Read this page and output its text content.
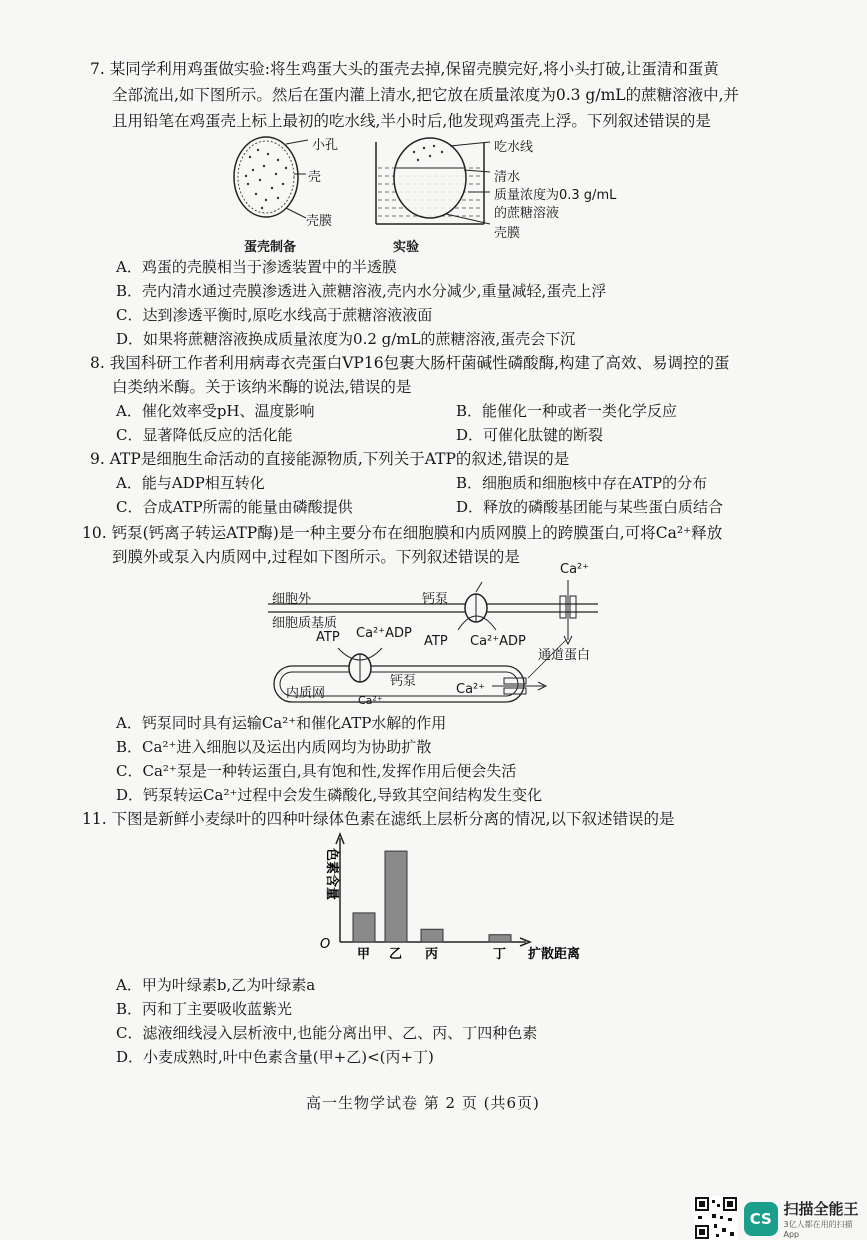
7. 某同学利用鸡蛋做实验:将生鸡蛋大头的蛋壳去掉,保留壳膜完好,将小头打破,让蛋清和蛋黄
全部流出,如下图所示。然后在蛋内灌上清水,把它放在质量浓度为0.3 g/mL的蔗糖溶液中,并
且用铅笔在鸡蛋壳上标上最初的吃水线,半小时后,他发现鸡蛋壳上浮。下列叙述错误的是
小孔
壳
壳膜
蛋壳制备	实验
吃水线
清水
质量浓度为0.3 g/mL
的蔗糖溶液
壳膜
A．鸡蛋的壳膜相当于渗透装置中的半透膜
B．壳内清水通过壳膜渗透进入蔗糖溶液,壳内水分减少,重量减轻,蛋壳上浮
C．达到渗透平衡时,原吃水线高于蔗糖溶液液面
D．如果将蔗糖溶液换成质量浓度为0.2 g/mL的蔗糖溶液,蛋壳会下沉
8. 我国科研工作者利用病毒衣壳蛋白VP16包裹大肠杆菌碱性磷酸酶,构建了高效、易调控的蛋
白类纳米酶。关于该纳米酶的说法,错误的是
A．催化效率受pH、温度影响	B．能催化一种或者一类化学反应
C．显著降低反应的活化能	D．可催化肽键的断裂
9. ATP是细胞生命活动的直接能源物质,下列关于ATP的叙述,错误的是
A．能与ADP相互转化	B．细胞质和细胞核中存在ATP的分布
C．合成ATP所需的能量由磷酸提供	D．释放的磷酸基团能与某些蛋白质结合
10. 钙泵(钙离子转运ATP酶)是一种主要分布在细胞膜和内质网膜上的跨膜蛋白,可将Ca²⁺释放
到膜外或泵入内质网中,过程如下图所示。下列叙述错误的是
细胞外
细胞质基质
钙泵
钙泵
内质网
通道蛋白
ATP Ca²⁺ADP
ATP Ca²⁺ADP
Ca²⁺
Ca²⁺
Ca²⁺
A．钙泵同时具有运输Ca²⁺和催化ATP水解的作用
B．Ca²⁺进入细胞以及运出内质网均为协助扩散
C．Ca²⁺泵是一种转运蛋白,具有饱和性,发挥作用后便会失活
D．钙泵转运Ca²⁺过程中会发生磷酸化,导致其空间结构发生变化
11. 下图是新鲜小麦绿叶的四种叶绿体色素在滤纸上层析分离的情况,以下叙述错误的是
O
色素含量
扩散距离
甲 乙 丙	丁
A．甲为叶绿素b,乙为叶绿素a
B．丙和丁主要吸收蓝紫光
C．滤液细线浸入层析液中,也能分离出甲、乙、丙、丁四种色素
D．小麦成熟时,叶中色素含量(甲+乙)<(丙+丁)
高一生物学试卷 第 2 页 (共6页)
CS
扫描全能王
3亿人都在用的扫描App
